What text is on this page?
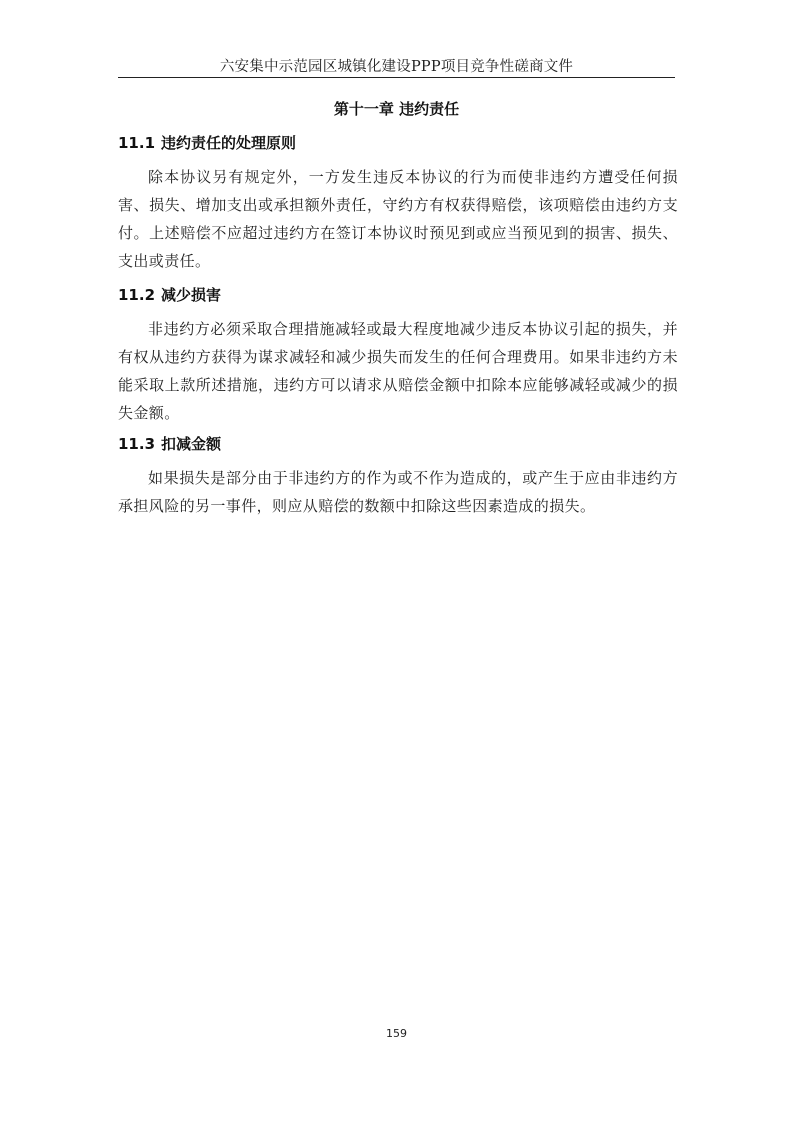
六安集中示范园区城镇化建设PPP项目竞争性磋商文件
第十一章 违约责任
11.1 违约责任的处理原则
除本协议另有规定外，一方发生违反本协议的行为而使非违约方遭受任何损害、损失、增加支出或承担额外责任，守约方有权获得赔偿，该项赔偿由违约方支付。上述赔偿不应超过违约方在签订本协议时预见到或应当预见到的损害、损失、支出或责任。
11.2 减少损害
非违约方必须采取合理措施减轻或最大程度地减少违反本协议引起的损失，并有权从违约方获得为谋求减轻和减少损失而发生的任何合理费用。如果非违约方未能采取上款所述措施，违约方可以请求从赔偿金额中扣除本应能够减轻或减少的损失金额。
11.3 扣减金额
如果损失是部分由于非违约方的作为或不作为造成的，或产生于应由非违约方承担风险的另一事件，则应从赔偿的数额中扣除这些因素造成的损失。
159
